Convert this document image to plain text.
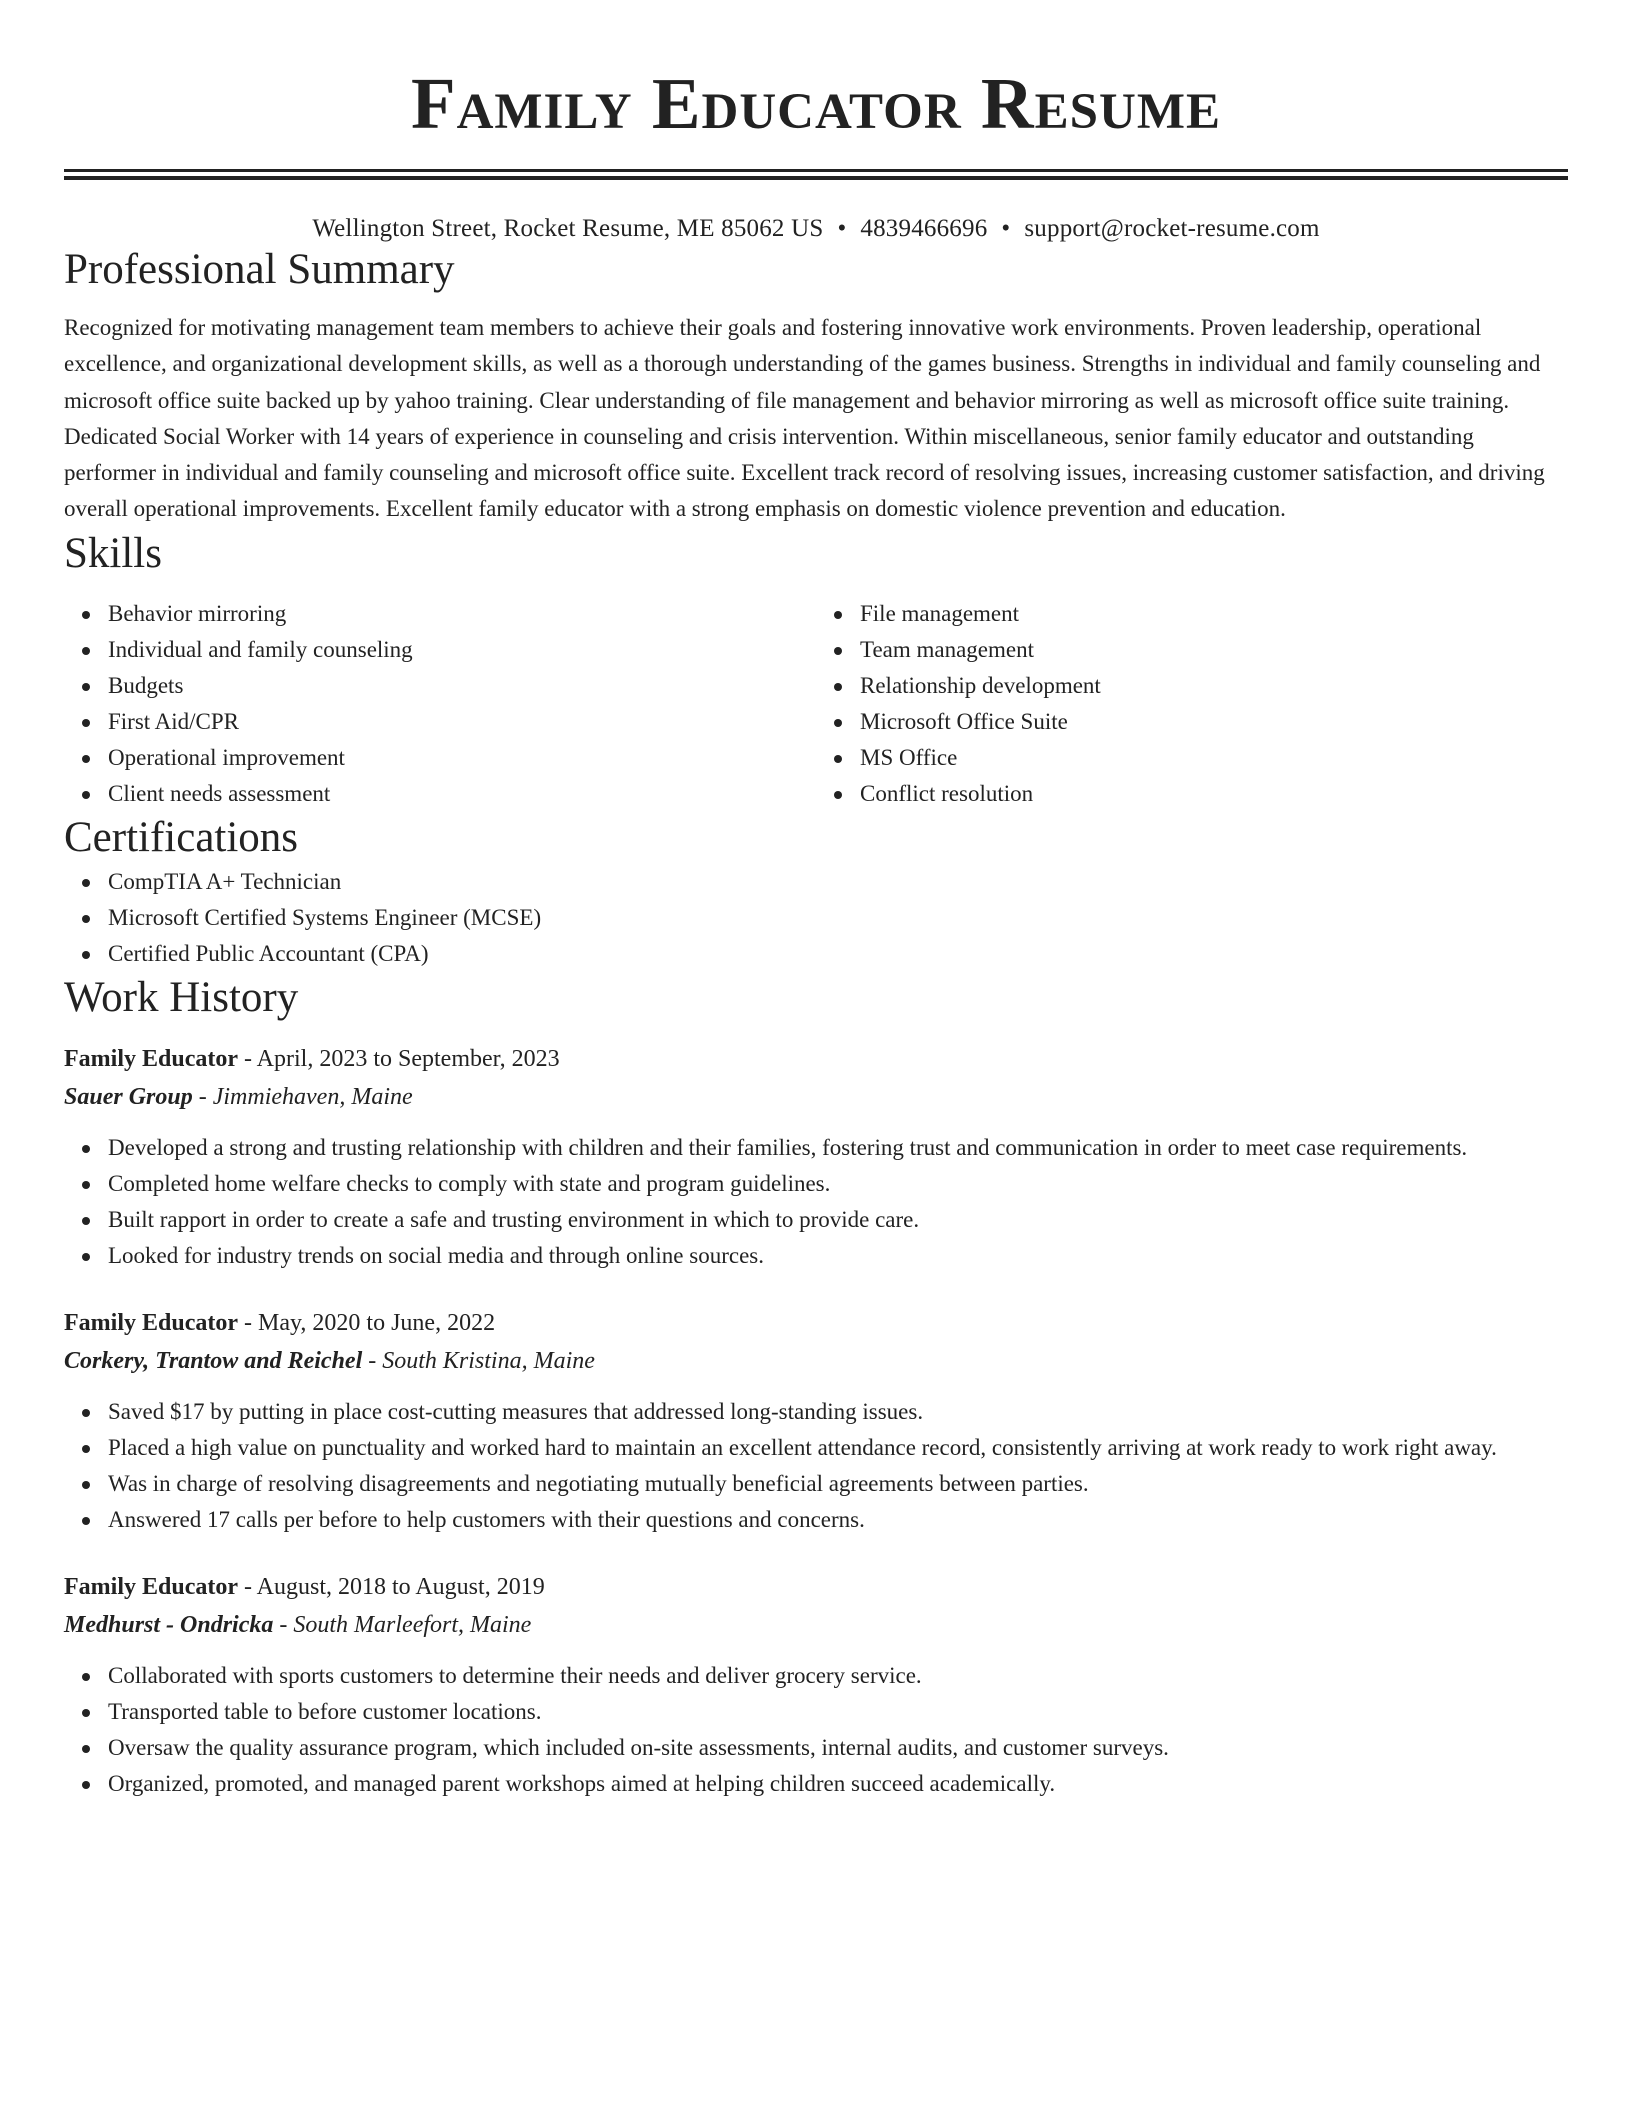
Family Educator Resume
Wellington Street, Rocket Resume, ME 85062 US • 4839466696 • support@rocket-resume.com
Professional Summary

Recognized for motivating management team members to achieve their goals and fostering innovative work environments. Proven leadership, operational excellence, and organizational development skills, as well as a thorough understanding of the games business. Strengths in individual and family counseling and microsoft office suite backed up by yahoo training. Clear understanding of file management and behavior mirroring as well as microsoft office suite training. Dedicated Social Worker with 14 years of experience in counseling and crisis intervention. Within miscellaneous, senior family educator and outstanding performer in individual and family counseling and microsoft office suite. Excellent track record of resolving issues, increasing customer satisfaction, and driving overall operational improvements. Excellent family educator with a strong emphasis on domestic violence prevention and education.

Skills
Behavior mirroring
Individual and family counseling
Budgets
First Aid/CPR
Operational improvement
Client needs assessment
File management
Team management
Relationship development
Microsoft Office Suite
MS Office
Conflict resolution
Certifications
CompTIA A+ Technician
Microsoft Certified Systems Engineer (MCSE)
Certified Public Accountant (CPA)
Work History
Family Educator - April, 2023 to September, 2023
Sauer Group - Jimmiehaven, Maine
Developed a strong and trusting relationship with children and their families, fostering trust and communication in order to meet case requirements.
Completed home welfare checks to comply with state and program guidelines.
Built rapport in order to create a safe and trusting environment in which to provide care.
Looked for industry trends on social media and through online sources.
Family Educator - May, 2020 to June, 2022
Corkery, Trantow and Reichel - South Kristina, Maine
Saved $17 by putting in place cost-cutting measures that addressed long-standing issues.
Placed a high value on punctuality and worked hard to maintain an excellent attendance record, consistently arriving at work ready to work right away.
Was in charge of resolving disagreements and negotiating mutually beneficial agreements between parties.
Answered 17 calls per before to help customers with their questions and concerns.
Family Educator - August, 2018 to August, 2019
Medhurst - Ondricka - South Marleefort, Maine
Collaborated with sports customers to determine their needs and deliver grocery service.
Transported table to before customer locations.
Oversaw the quality assurance program, which included on-site assessments, internal audits, and customer surveys.
Organized, promoted, and managed parent workshops aimed at helping children succeed academically.
